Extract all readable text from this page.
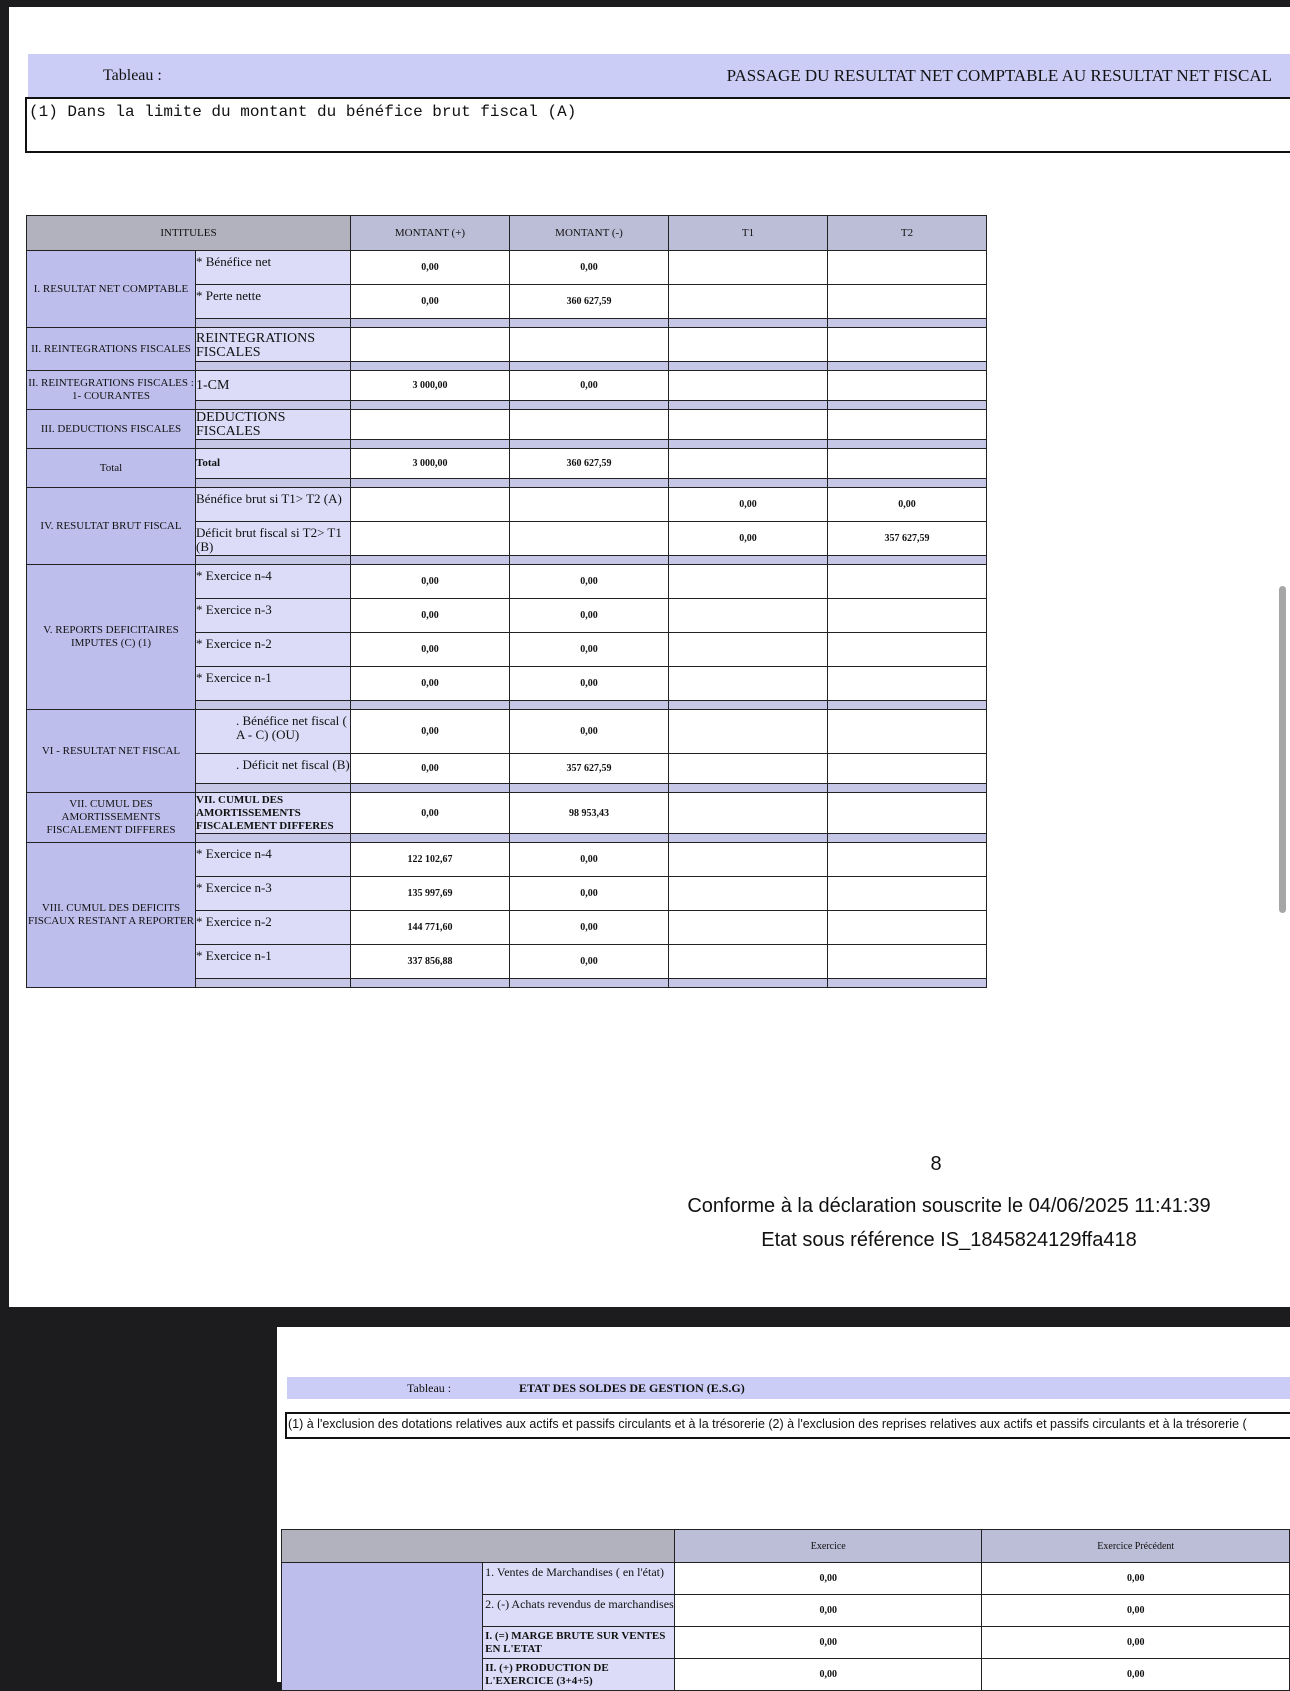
Tableau :	PASSAGE DU RESULTAT NET COMPTABLE AU RESULTAT NET FISCAL
(1) Dans la limite du montant du bénéfice brut fiscal (A)
INTITULES		MONTANT (+)	MONTANT (-)	T1	T2
I. RESULTAT NET COMPTABLE	* Bénéfice net	0,00	0,00		
	* Perte nette	0,00	360 627,59		

II. REINTEGRATIONS FISCALES	REINTEGRATIONS FISCALES				

II. REINTEGRATIONS FISCALES : 1- COURANTES	1-CM	3 000,00	0,00		

III. DEDUCTIONS FISCALES	DEDUCTIONS FISCALES				

Total	Total	3 000,00	360 627,59		

IV. RESULTAT BRUT FISCAL	Bénéfice brut si T1> T2 (A)			0,00	0,00
	Déficit brut fiscal si T2> T1 (B)			0,00	357 627,59

V. REPORTS DEFICITAIRES IMPUTES (C) (1)	* Exercice n-4	0,00	0,00		
	* Exercice n-3	0,00	0,00		
	* Exercice n-2	0,00	0,00		
	* Exercice n-1	0,00	0,00		

VI - RESULTAT NET FISCAL	. Bénéfice net fiscal ( A - C) (OU)	0,00	0,00		
	. Déficit net fiscal (B)	0,00	357 627,59		

VII. CUMUL DES AMORTISSEMENTS FISCALEMENT DIFFERES	VII. CUMUL DES AMORTISSEMENTS FISCALEMENT DIFFERES	0,00	98 953,43		

VIII. CUMUL DES DEFICITS FISCAUX RESTANT A REPORTER	* Exercice n-4	122 102,67	0,00		
	* Exercice n-3	135 997,69	0,00		
	* Exercice n-2	144 771,60	0,00		
	* Exercice n-1	337 856,88	0,00		

8
Conforme à la déclaration souscrite le 04/06/2025 11:41:39
Etat sous référence IS_1845824129ffa418
Tableau :	ETAT DES SOLDES DE GESTION (E.S.G)
(1) à l'exclusion des dotations relatives aux actifs et passifs circulants et à la trésorerie (2) à l'exclusion des reprises relatives aux actifs et passifs circulants et à la trésorerie (
		Exercice	Exercice Précédent
	1. Ventes de Marchandises ( en l'état)	0,00	0,00
	2. (-) Achats revendus de marchandises	0,00	0,00
	I. (=) MARGE BRUTE SUR VENTES EN L'ETAT	0,00	0,00
	II. (+) PRODUCTION DE L'EXERCICE (3+4+5)	0,00	0,00
